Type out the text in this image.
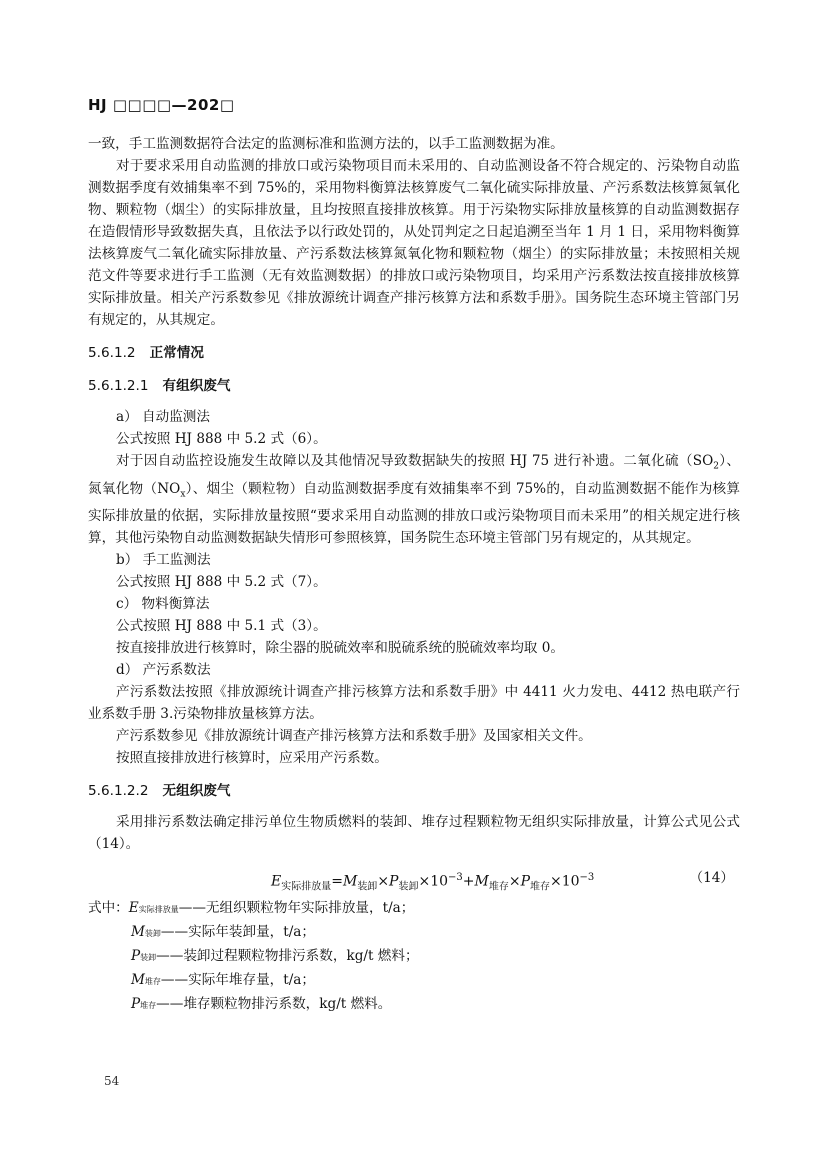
HJ □□□□—202□

一致，手工监测数据符合法定的监测标准和监测方法的，以手工监测数据为准。

对于要求采用自动监测的排放口或污染物项目而未采用的、自动监测设备不符合规定的、污染物自动监测数据季度有效捕集率不到 75%的，采用物料衡算法核算废气二氧化硫实际排放量、产污系数法核算氮氧化物、颗粒物（烟尘）的实际排放量，且均按照直接排放核算。用于污染物实际排放量核算的自动监测数据存在造假情形导致数据失真，且依法予以行政处罚的，从处罚判定之日起追溯至当年 1 月 1 日，采用物料衡算法核算废气二氧化硫实际排放量、产污系数法核算氮氧化物和颗粒物（烟尘）的实际排放量；未按照相关规范文件等要求进行手工监测（无有效监测数据）的排放口或污染物项目，均采用产污系数法按直接排放核算实际排放量。相关产污系数参见《排放源统计调查产排污核算方法和系数手册》。国务院生态环境主管部门另有规定的，从其规定。

5.6.1.2 正常情况
5.6.1.2.1 有组织废气

a） 自动监测法

公式按照 HJ 888 中 5.2 式（6）。

对于因自动监控设施发生故障以及其他情况导致数据缺失的按照 HJ 75 进行补遗。二氧化硫$(SO_2)$、氮氧化物$(NO_x)$、烟尘（颗粒物）自动监测数据季度有效捕集率不到 75%的，自动监测数据不能作为核算实际排放量的依据，实际排放量按照“要求采用自动监测的排放口或污染物项目而未采用”的相关规定进行核算，其他污染物自动监测数据缺失情形可参照核算，国务院生态环境主管部门另有规定的，从其规定。

b） 手工监测法

公式按照 HJ 888 中 5.2 式（7）。

c） 物料衡算法

公式按照 HJ 888 中 5.1 式（3）。

按直接排放进行核算时，除尘器的脱硫效率和脱硫系统的脱硫效率均取 0。

d） 产污系数法

产污系数法按照《排放源统计调查产排污核算方法和系数手册》中 4411 火力发电、4412 热电联产行业系数手册 3.污染物排放量核算方法。

产污系数参见《排放源统计调查产排污核算方法和系数手册》及国家相关文件。

按照直接排放进行核算时，应采用产污系数。

5.6.1.2.2 无组织废气

采用排污系数法确定排污单位生物质燃料的装卸、堆存过程颗粒物无组织实际排放量，计算公式见公式（14）。

$E_{实际排放量}=M_{装卸}\times P_{装卸}\times 10^{-3}+M_{堆存}\times P_{堆存}\times 10^{-3}$	（14）

式中：E实际排放量——无组织颗粒物年实际排放量，t/a；

M装卸——实际年装卸量，t/a；

P装卸——装卸过程颗粒物排污系数，kg/t 燃料；

M堆存——实际年堆存量，t/a；

P堆存——堆存颗粒物排污系数，kg/t 燃料。

54
